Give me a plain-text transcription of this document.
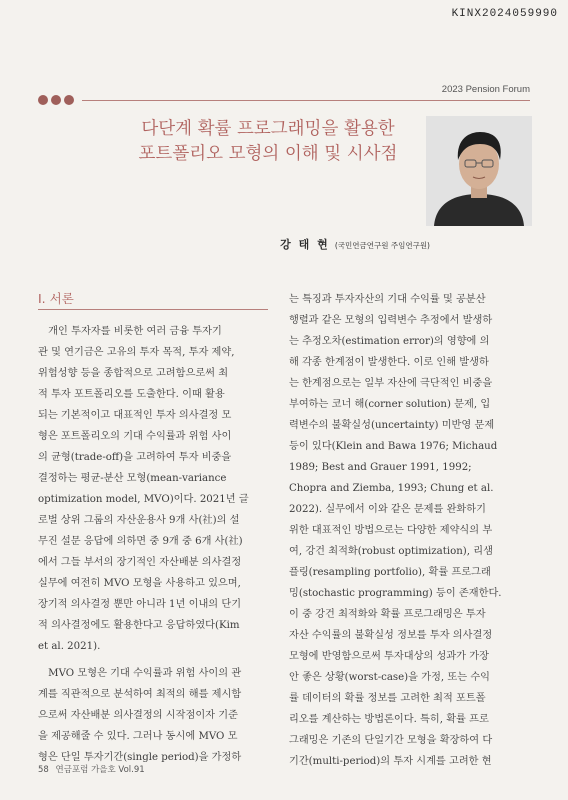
KINX2024059990
2023 Pension Forum
다단계 확률 프로그래밍을 활용한
포트폴리오 모형의 이해 및 시사점
강 태 현 (국민연금연구원 주임연구원)
I. 서론
　개인 투자자를 비롯한 여러 금융 투자기
관 및 연기금은 고유의 투자 목적, 투자 제약,
위험성향 등을 종합적으로 고려함으로써 최
적 투자 포트폴리오를 도출한다. 이때 활용
되는 기본적이고 대표적인 투자 의사결정 모
형은 포트폴리오의 기대 수익률과 위험 사이
의 균형(trade-off)을 고려하여 투자 비중을
결정하는 평균-분산 모형(mean-variance
optimization model, MVO)이다. 2021년 글
로벌 상위 그룹의 자산운용사 9개 사(社)의 설
무진 설문 응답에 의하면 중 9개 중 6개 사(社)
에서 그들 부서의 장기적인 자산배분 의사결정
실무에 여전히 MVO 모형을 사용하고 있으며,
장기적 의사결정 뿐만 아니라 1년 이내의 단기
적 의사결정에도 활용한다고 응답하였다(Kim
et al. 2021).
　MVO 모형은 기대 수익률과 위험 사이의 관
계를 직관적으로 분석하여 최적의 해를 제시함
으로써 자산배분 의사결정의 시작점이자 기준
을 제공해줄 수 있다. 그러나 동시에 MVO 모
형은 단일 투자기간(single period)을 가정하
는 특징과 투자자산의 기대 수익률 및 공분산
행렬과 같은 모형의 입력변수 추정에서 발생하
는 추정오차(estimation error)의 영향에 의
해 각종 한계점이 발생한다. 이로 인해 발생하
는 한계점으로는 일부 자산에 극단적인 비중을
부여하는 코너 해(corner solution) 문제, 입
력변수의 불확실성(uncertainty) 미반영 문제
등이 있다(Klein and Bawa 1976; Michaud
1989; Best and Grauer 1991, 1992;
Chopra and Ziemba, 1993; Chung et al.
2022). 실무에서 이와 같은 문제를 완화하기
위한 대표적인 방법으로는 다양한 제약식의 부
여, 강건 최적화(robust optimization), 리샘
플링(resampling portfolio), 확률 프로그래
밍(stochastic programming) 등이 존재한다.
이 중 강건 최적화와 확률 프로그래밍은 투자
자산 수익률의 불확실성 정보를 투자 의사결정
모형에 반영함으로써 투자대상의 성과가 가장
안 좋은 상황(worst-case)을 가정, 또는 수익
률 데이터의 확률 정보를 고려한 최적 포트폴
리오를 계산하는 방법론이다. 특히, 확률 프로
그래밍은 기존의 단일기간 모형을 확장하여 다
기간(multi-period)의 투자 시계를 고려한 현
58 연금포럼 가을호 Vol.91
